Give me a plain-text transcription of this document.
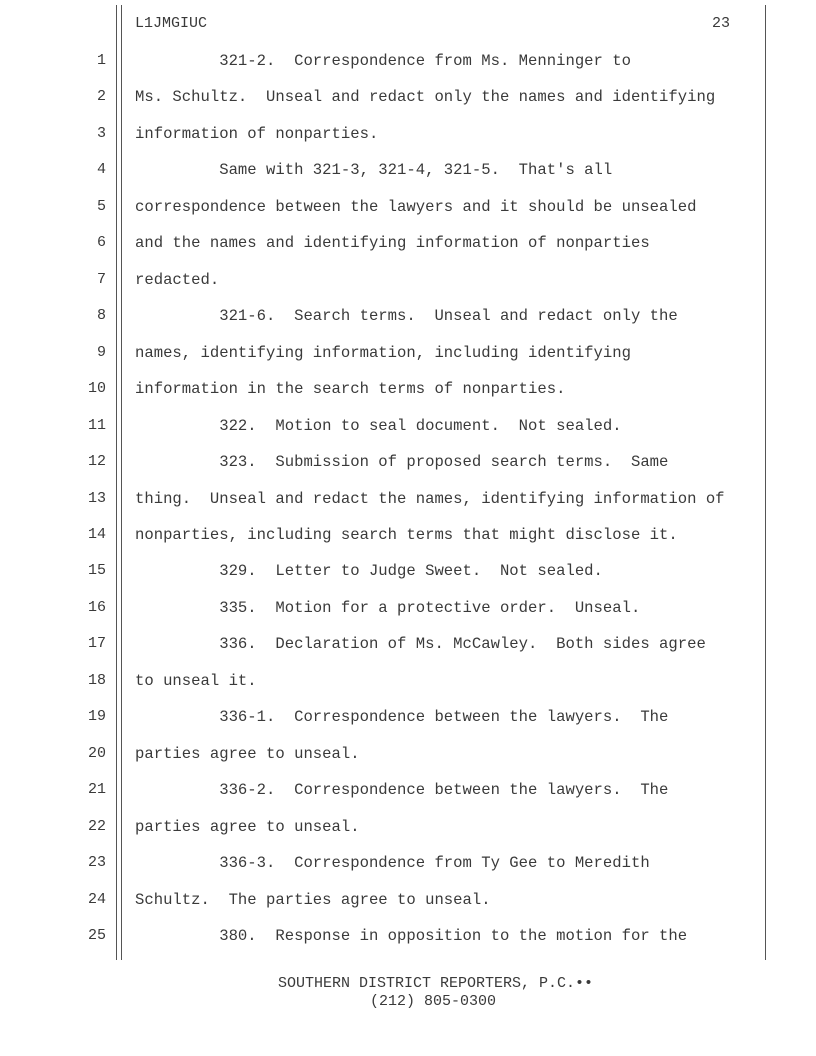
L1JMGIUC	23
1 321-2.  Correspondence from Ms. Menninger to
2 Ms. Schultz.  Unseal and redact only the names and identifying
3 information of nonparties.
4 Same with 321-3, 321-4, 321-5.  That's all
5 correspondence between the lawyers and it should be unsealed
6 and the names and identifying information of nonparties
7 redacted.
8 321-6.  Search terms.  Unseal and redact only the
9 names, identifying information, including identifying
10 information in the search terms of nonparties.
11 322.  Motion to seal document.  Not sealed.
12 323.  Submission of proposed search terms.  Same
13 thing.  Unseal and redact the names, identifying information of
14 nonparties, including search terms that might disclose it.
15 329.  Letter to Judge Sweet.  Not sealed.
16 335.  Motion for a protective order.  Unseal.
17 336.  Declaration of Ms. McCawley.  Both sides agree
18 to unseal it.
19 336-1.  Correspondence between the lawyers.  The
20 parties agree to unseal.
21 336-2.  Correspondence between the lawyers.  The
22 parties agree to unseal.
23 336-3.  Correspondence from Ty Gee to Meredith
24 Schultz.  The parties agree to unseal.
25 380.  Response in opposition to the motion for the
SOUTHERN DISTRICT REPORTERS, P.C.••
(212) 805-0300
